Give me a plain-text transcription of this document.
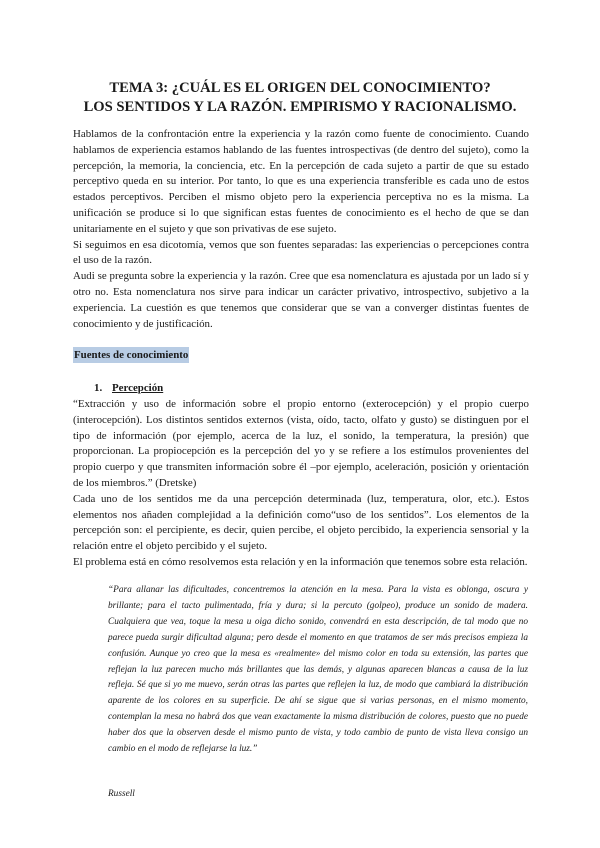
TEMA 3: ¿CUÁL ES EL ORIGEN DEL CONOCIMIENTO?
LOS SENTIDOS Y LA RAZÓN. EMPIRISMO Y RACIONALISMO.

Hablamos de la confrontación entre la experiencia y la razón como fuente de conocimiento. Cuando hablamos de experiencia estamos hablando de las fuentes introspectivas (de dentro del sujeto), como la percepción, la memoria, la conciencia, etc. En la percepción de cada sujeto a partir de que su estado perceptivo queda en su interior. Por tanto, lo que es una experiencia transferible es cada uno de estos estados perceptivos. Perciben el mismo objeto pero la experiencia perceptiva no es la misma. La unificación se produce si lo que significan estas fuentes de conocimiento es el hecho de que se dan unitariamente en el sujeto y que son privativas de ese sujeto.

Si seguimos en esa dicotomía, vemos que son fuentes separadas: las experiencias o percepciones contra el uso de la razón.

Audi se pregunta sobre la experiencia y la razón. Cree que esa nomenclatura es ajustada por un lado sí y otro no. Esta nomenclatura nos sirve para indicar un carácter privativo, introspectivo, subjetivo a la experiencia. La cuestión es que tenemos que considerar que se van a converger distintas fuentes de conocimiento y de justificación.

Fuentes de conocimiento
1. Percepción

“Extracción y uso de información sobre el propio entorno (exterocepción) y el propio cuerpo (interocepción). Los distintos sentidos externos (vista, oído, tacto, olfato y gusto) se distinguen por el tipo de información (por ejemplo, acerca de la luz, el sonido, la temperatura, la presión) que proporcionan. La propiocepción es la percepción del yo y se refiere a los estímulos provenientes del propio cuerpo y que transmiten información sobre él –por ejemplo, aceleración, posición y orientación de los miembros.” (Dretske)

Cada uno de los sentidos me da una percepción determinada (luz, temperatura, olor, etc.). Estos elementos nos añaden complejidad a la definición como“uso de los sentidos”. Los elementos de la percepción son: el percipiente, es decir, quien percibe, el objeto percibido, la experiencia sensorial y la relación entre el objeto percibido y el sujeto.

El problema está en cómo resolvemos esta relación y en la información que tenemos sobre esta relación.

“Para allanar las dificultades, concentremos la atención en la mesa. Para la vista es oblonga, oscura y brillante; para el tacto pulimentada, fría y dura; si la percuto (golpeo), produce un sonido de madera. Cualquiera que vea, toque la mesa u oiga dicho sonido, convendrá en esta descripción, de tal modo que no parece pueda surgir dificultad alguna; pero desde el momento en que tratamos de ser más precisos empieza la confusión. Aunque yo creo que la mesa es «realmente» del mismo color en toda su extensión, las partes que reflejan la luz parecen mucho más brillantes que las demás, y algunas aparecen blancas a causa de la luz refleja. Sé que si yo me muevo, serán otras las partes que reflejen la luz, de modo que cambiará la distribución aparente de los colores en su superficie. De ahí se sigue que si varias personas, en el mismo momento, contemplan la mesa no habrá dos que vean exactamente la misma distribución de colores, puesto que no puede haber dos que la observen desde el mismo punto de vista, y todo cambio de punto de vista lleva consigo un cambio en el modo de reflejarse la luz.”

Russell
